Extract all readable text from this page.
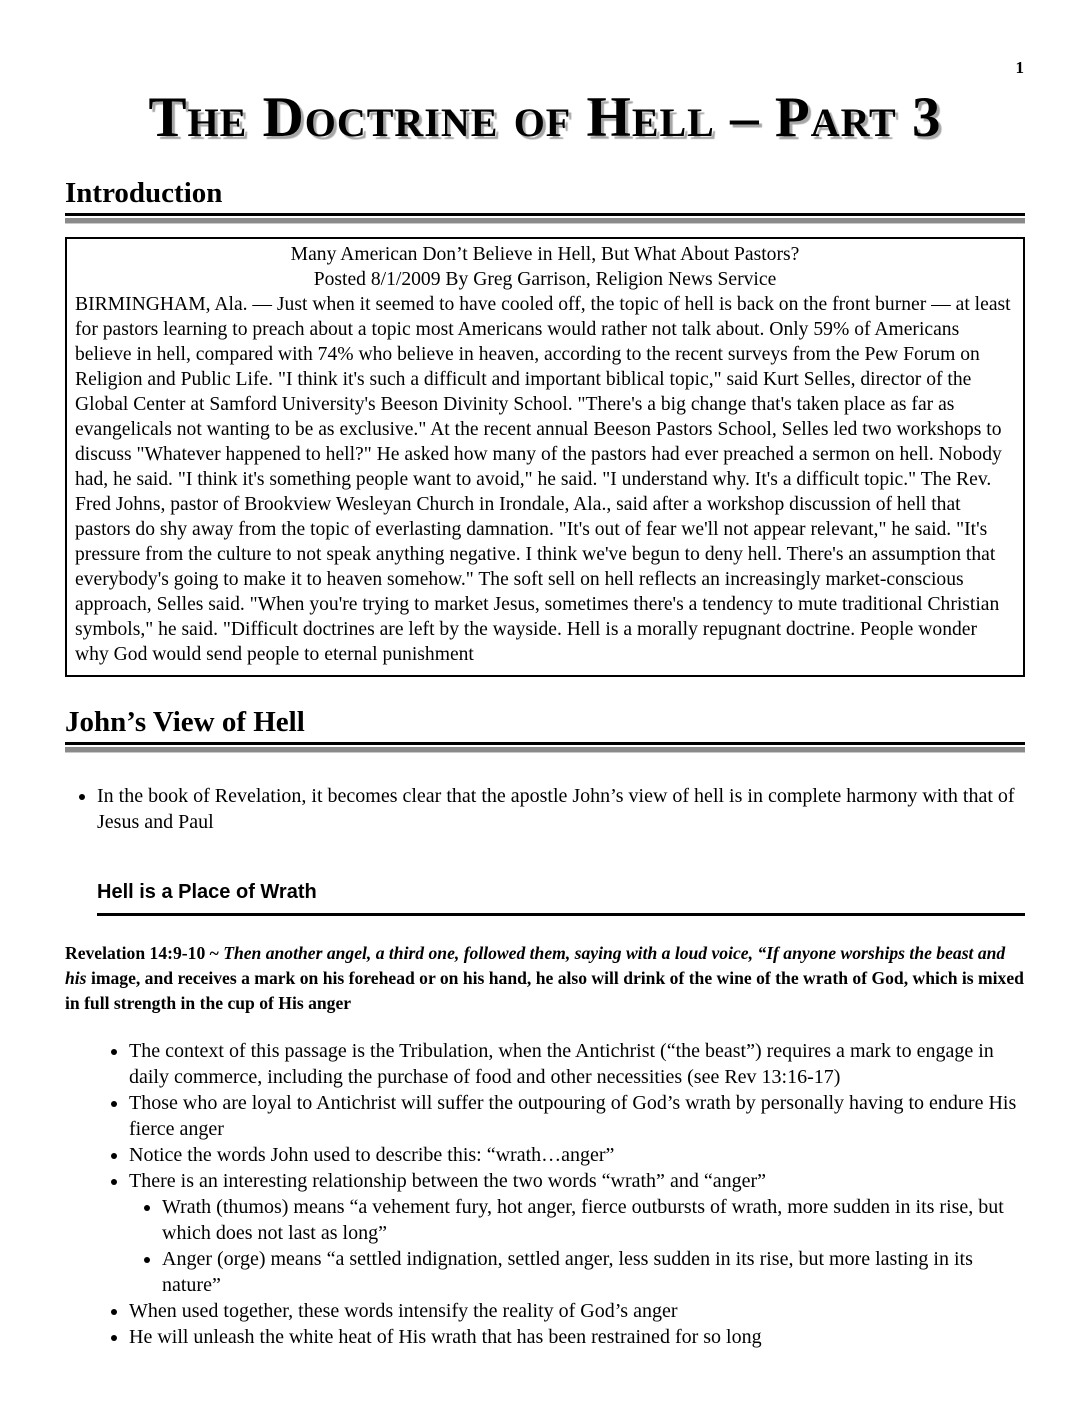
1
The Doctrine of Hell – Part 3
Introduction
Many American Don’t Believe in Hell, But What About Pastors?
Posted 8/1/2009 By Greg Garrison, Religion News Service
BIRMINGHAM, Ala. — Just when it seemed to have cooled off, the topic of hell is back on the front burner — at least for pastors learning to preach about a topic most Americans would rather not talk about. Only 59% of Americans believe in hell, compared with 74% who believe in heaven, according to the recent surveys from the Pew Forum on Religion and Public Life. "I think it's such a difficult and important biblical topic," said Kurt Selles, director of the Global Center at Samford University's Beeson Divinity School. "There's a big change that's taken place as far as evangelicals not wanting to be as exclusive." At the recent annual Beeson Pastors School, Selles led two workshops to discuss "Whatever happened to hell?" He asked how many of the pastors had ever preached a sermon on hell. Nobody had, he said. "I think it's something people want to avoid," he said. "I understand why. It's a difficult topic." The Rev. Fred Johns, pastor of Brookview Wesleyan Church in Irondale, Ala., said after a workshop discussion of hell that pastors do shy away from the topic of everlasting damnation. "It's out of fear we'll not appear relevant," he said. "It's pressure from the culture to not speak anything negative. I think we've begun to deny hell. There's an assumption that everybody's going to make it to heaven somehow." The soft sell on hell reflects an increasingly market-conscious approach, Selles said. "When you're trying to market Jesus, sometimes there's a tendency to mute traditional Christian symbols," he said. "Difficult doctrines are left by the wayside. Hell is a morally repugnant doctrine. People wonder why God would send people to eternal punishment
John’s View of Hell
• In the book of Revelation, it becomes clear that the apostle John’s view of hell is in complete harmony with that of Jesus and Paul
Hell is a Place of Wrath

Revelation 14:9-10 ~ Then another angel, a third one, followed them, saying with a loud voice, “If anyone worships the beast and his image, and receives a mark on his forehead or on his hand, he also will drink of the wine of the wrath of God, which is mixed in full strength in the cup of His anger

• The context of this passage is the Tribulation, when the Antichrist (“the beast”) requires a mark to engage in daily commerce, including the purchase of food and other necessities (see Rev 13:16-17)
• Those who are loyal to Antichrist will suffer the outpouring of God’s wrath by personally having to endure His fierce anger
• Notice the words John used to describe this: “wrath…anger”
• There is an interesting relationship between the two words “wrath” and “anger”
• Wrath (thumos) means “a vehement fury, hot anger, fierce outbursts of wrath, more sudden in its rise, but which does not last as long”
• Anger (orge) means “a settled indignation, settled anger, less sudden in its rise, but more lasting in its nature”
• When used together, these words intensify the reality of God’s anger
• He will unleash the white heat of His wrath that has been restrained for so long
